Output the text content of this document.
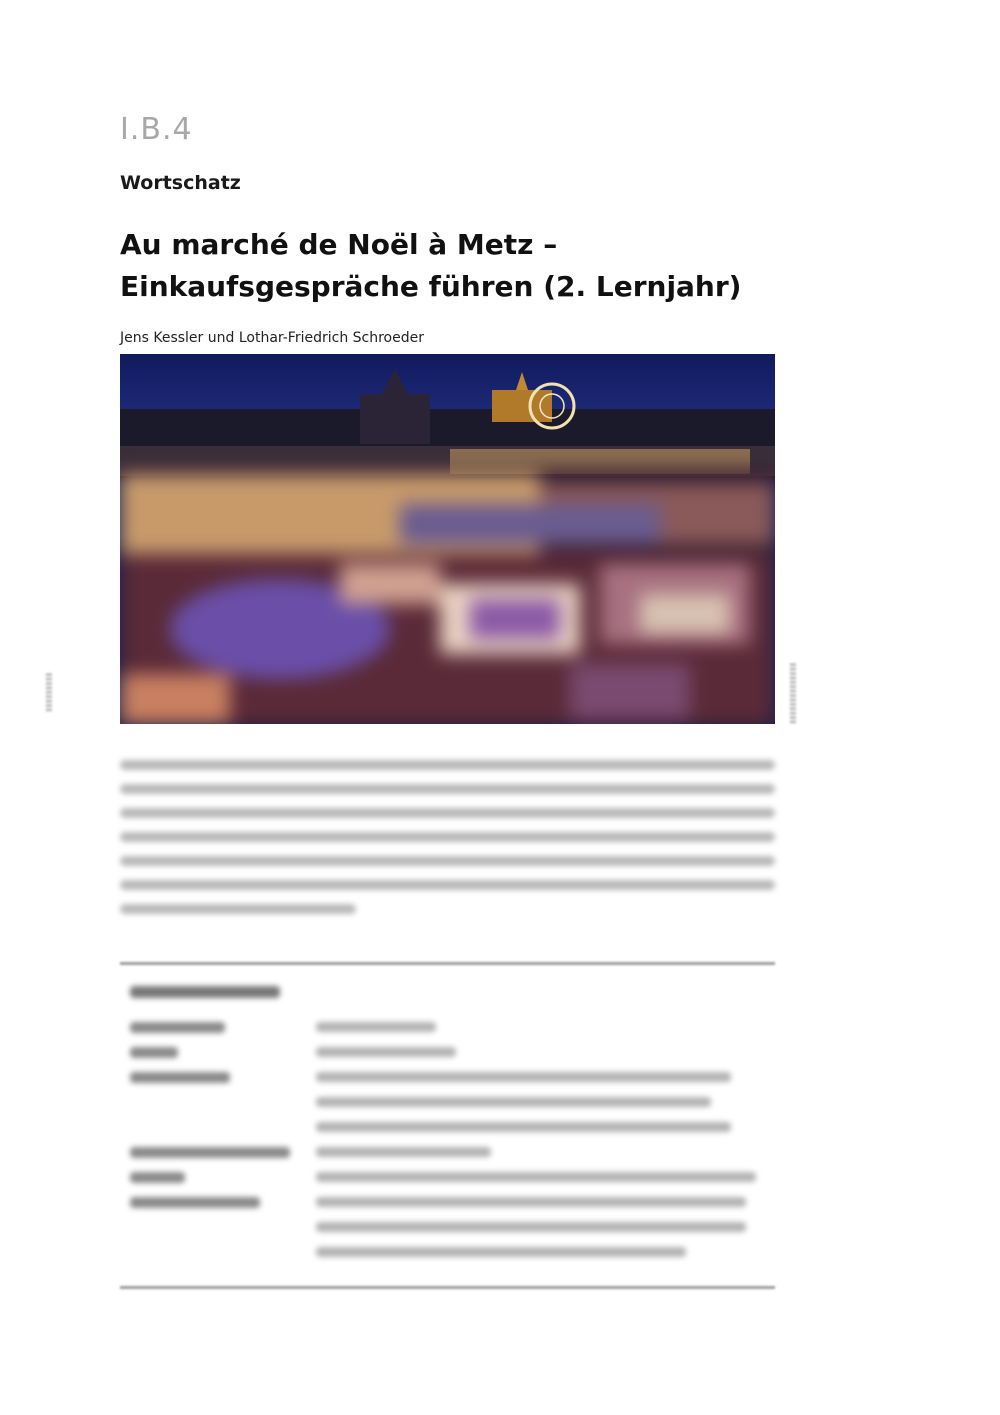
I.B.4
Wortschatz
Au marché de Noël à Metz –
Einkaufsgespräche führen (2. Lernjahr)
Jens Kessler und Lothar-Friedrich Schroeder
▮▮▮▮▮▮▮▮▮	▮▮▮▮▮▮▮▮▮▮▮▮▮▮
